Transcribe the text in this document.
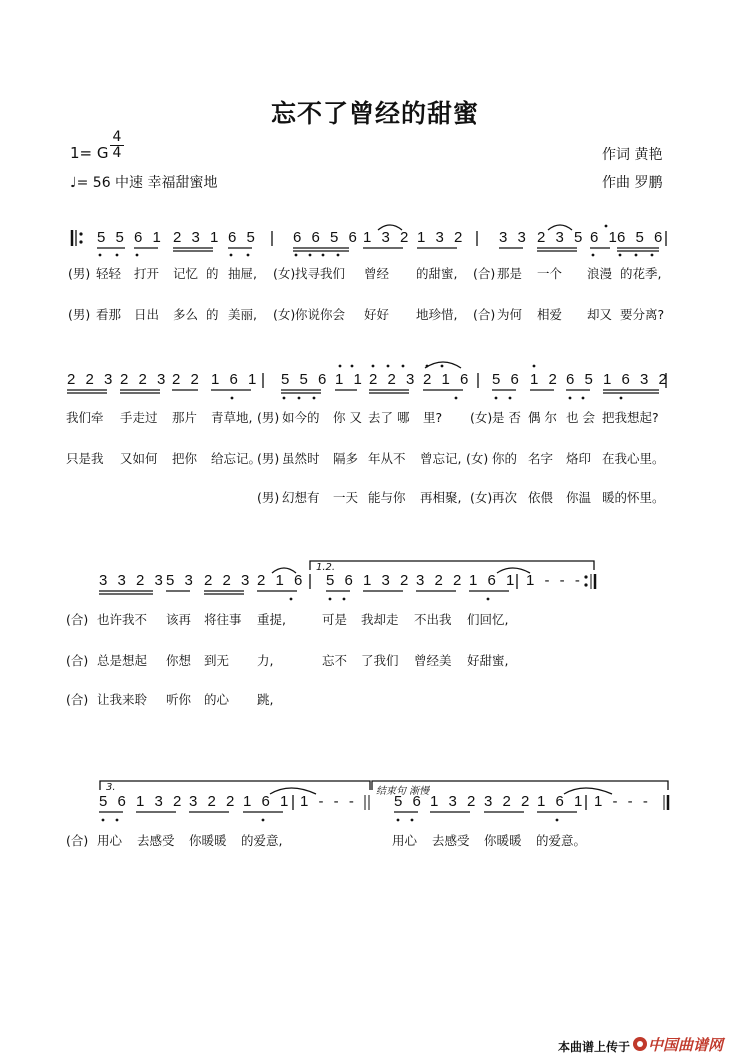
忘不了曾经的甜蜜
1= G
4
4
♩= 56 中速 幸福甜蜜地
作词 黄艳
作曲 罗鹏
5 5 6 1 2 3 1 6 5 6 6 5 6 1 3 2 1 3 2 3 3 2 3 5 6 1
6 5 6
(男) 轻轻 打开 记忆 的 抽屉, (女) 找寻我们 曾经 的甜蜜, (合) 那是 一个 浪漫 的花季,
(男) 看那 日出 多么 的 美丽, (女) 你说你会 好好 地珍惜, (合) 为何 相爱 却又 要分离?
2 2 3 2 2 3 2 2 1 6 1 5 5 6 1 1 2 2 3 2 1 6 5 6 1 2 6 5 1 6 3 2
我们牵 手走过 那片 青草地, (男) 如今的 你 又 去了 哪 里? (女) 是 否 偶 尔 也 会 把我想起?
只是我 又如何 把你 给忘记。
(男) 虽然时 隔多 年从不 曾忘记, (女) 你的 名字 烙印 在我心里。
(男) 幻想有 一天 能与你 再相聚, (女) 再次 依偎 你温 暖的怀里。
1.2.
3 3 2 3 5 3 2 2 3 2 1 6 5 6 1 3 2 3 2 2 1 6 1 1 - - -
(合) 也许我不 该再 将往事 重提,	可是 我却走 不出我 们回忆,
(合) 总是想起 你想 到无 力,	忘不 了我们 曾经美 好甜蜜,
(合) 让我来聆 听你 的心 跳,
3.	结束句 渐慢
5 6 1 3 2 3 2 2 1 6 1 1 - - - 5 6 1 3 2 3 2 2 1 6 1 1 - - -
(合) 用心 去感受 你暖暖 的爱意,	用心 去感受 你暖暖 的爱意。
本曲谱上传于 中国曲谱网
